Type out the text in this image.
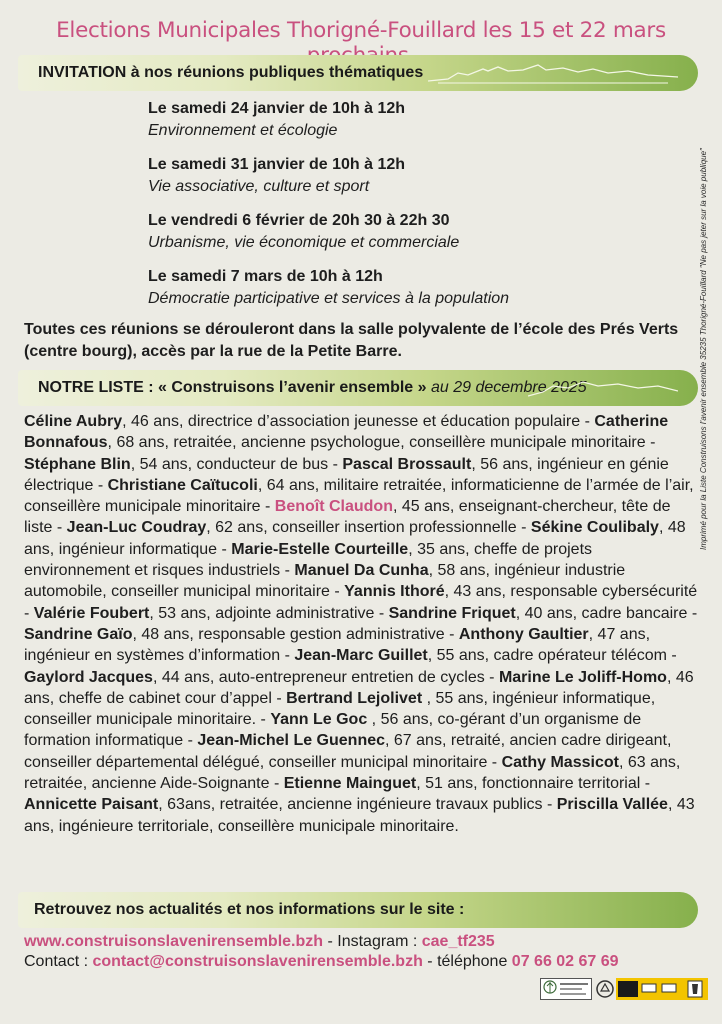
Elections Municipales Thorigné-Fouillard les 15 et 22 mars
INVITATION à nos réunions publiques thématiques
Le samedi 24 janvier de 10h à 12h
Environnement et écologie
Le samedi 31 janvier de 10h à 12h
Vie associative, culture et sport
Le vendredi 6 février de 20h 30 à 22h 30
Urbanisme, vie économique et commerciale
Le samedi 7 mars de 10h à 12h
Démocratie participative et services à la population
Toutes ces réunions se dérouleront dans la salle polyvalente de l’école des Prés Verts (centre bourg), accès par la rue de la Petite Barre.
NOTRE LISTE : « Construisons l’avenir ensemble » au 29 decembre 2025
Céline Aubry, 46 ans, directrice d’association jeunesse et éducation populaire - Catherine Bonnafous, 68 ans, retraitée, ancienne psychologue, conseillère municipale minoritaire - Stéphane Blin, 54 ans, conducteur de bus - Pascal Brossault, 56 ans, ingénieur en génie électrique - Christiane Caïtucoli, 64 ans, militaire retraitée, informaticienne de l’armée de l’air, conseillère municipale minoritaire - Benoît Claudon, 45 ans, enseignant-chercheur, tête de liste - Jean-Luc Coudray, 62 ans, conseiller insertion professionnelle - Sékine Coulibaly, 48 ans, ingénieur informatique - Marie-Estelle Courteille, 35 ans, cheffe de projets environnement et risques industriels - Manuel Da Cunha, 58 ans, ingénieur industrie automobile, conseiller municipal minoritaire - Yannis Ithoré, 43 ans, responsable cybersécurité - Valérie Foubert, 53 ans, adjointe administrative - Sandrine Friquet, 40 ans, cadre bancaire - Sandrine Gaïo, 48 ans, responsable gestion administrative - Anthony Gaultier, 47 ans, ingénieur en systèmes d’information - Jean-Marc Guillet, 55 ans, cadre opérateur télécom - Gaylord Jacques, 44 ans, auto-entrepreneur entretien de cycles - Marine Le Joliff-Homo, 46 ans, cheffe de cabinet cour d’appel - Bertrand Lejolivet , 55 ans, ingénieur informatique, conseiller municipale minoritaire. - Yann Le Goc , 56 ans, co-gérant d’un organisme de formation informatique - Jean-Michel Le Guennec, 67 ans, retraité, ancien cadre dirigeant, conseiller départemental délégué, conseiller municipal minoritaire - Cathy Massicot, 63 ans, retraitée, ancienne Aide-Soignante - Etienne Mainguet, 51 ans, fonctionnaire territorial - Annicette Paisant, 63ans, retraitée, ancienne ingénieure travaux publics - Priscilla Vallée, 43 ans, ingénieure territoriale, conseillère municipale minoritaire.
Retrouvez nos actualités et nos informations sur le site :
www.construisonslavenirensemble.bzh - Instagram : cae_tf235
Contact : contact@construisonslavenirensemble.bzh - téléphone 07 66 02 67 69
Imprimé pour la Liste Construisons l’avenir ensemble 35235 Thorigné-Fouillard "Ne pas jeter sur la voie publique"
